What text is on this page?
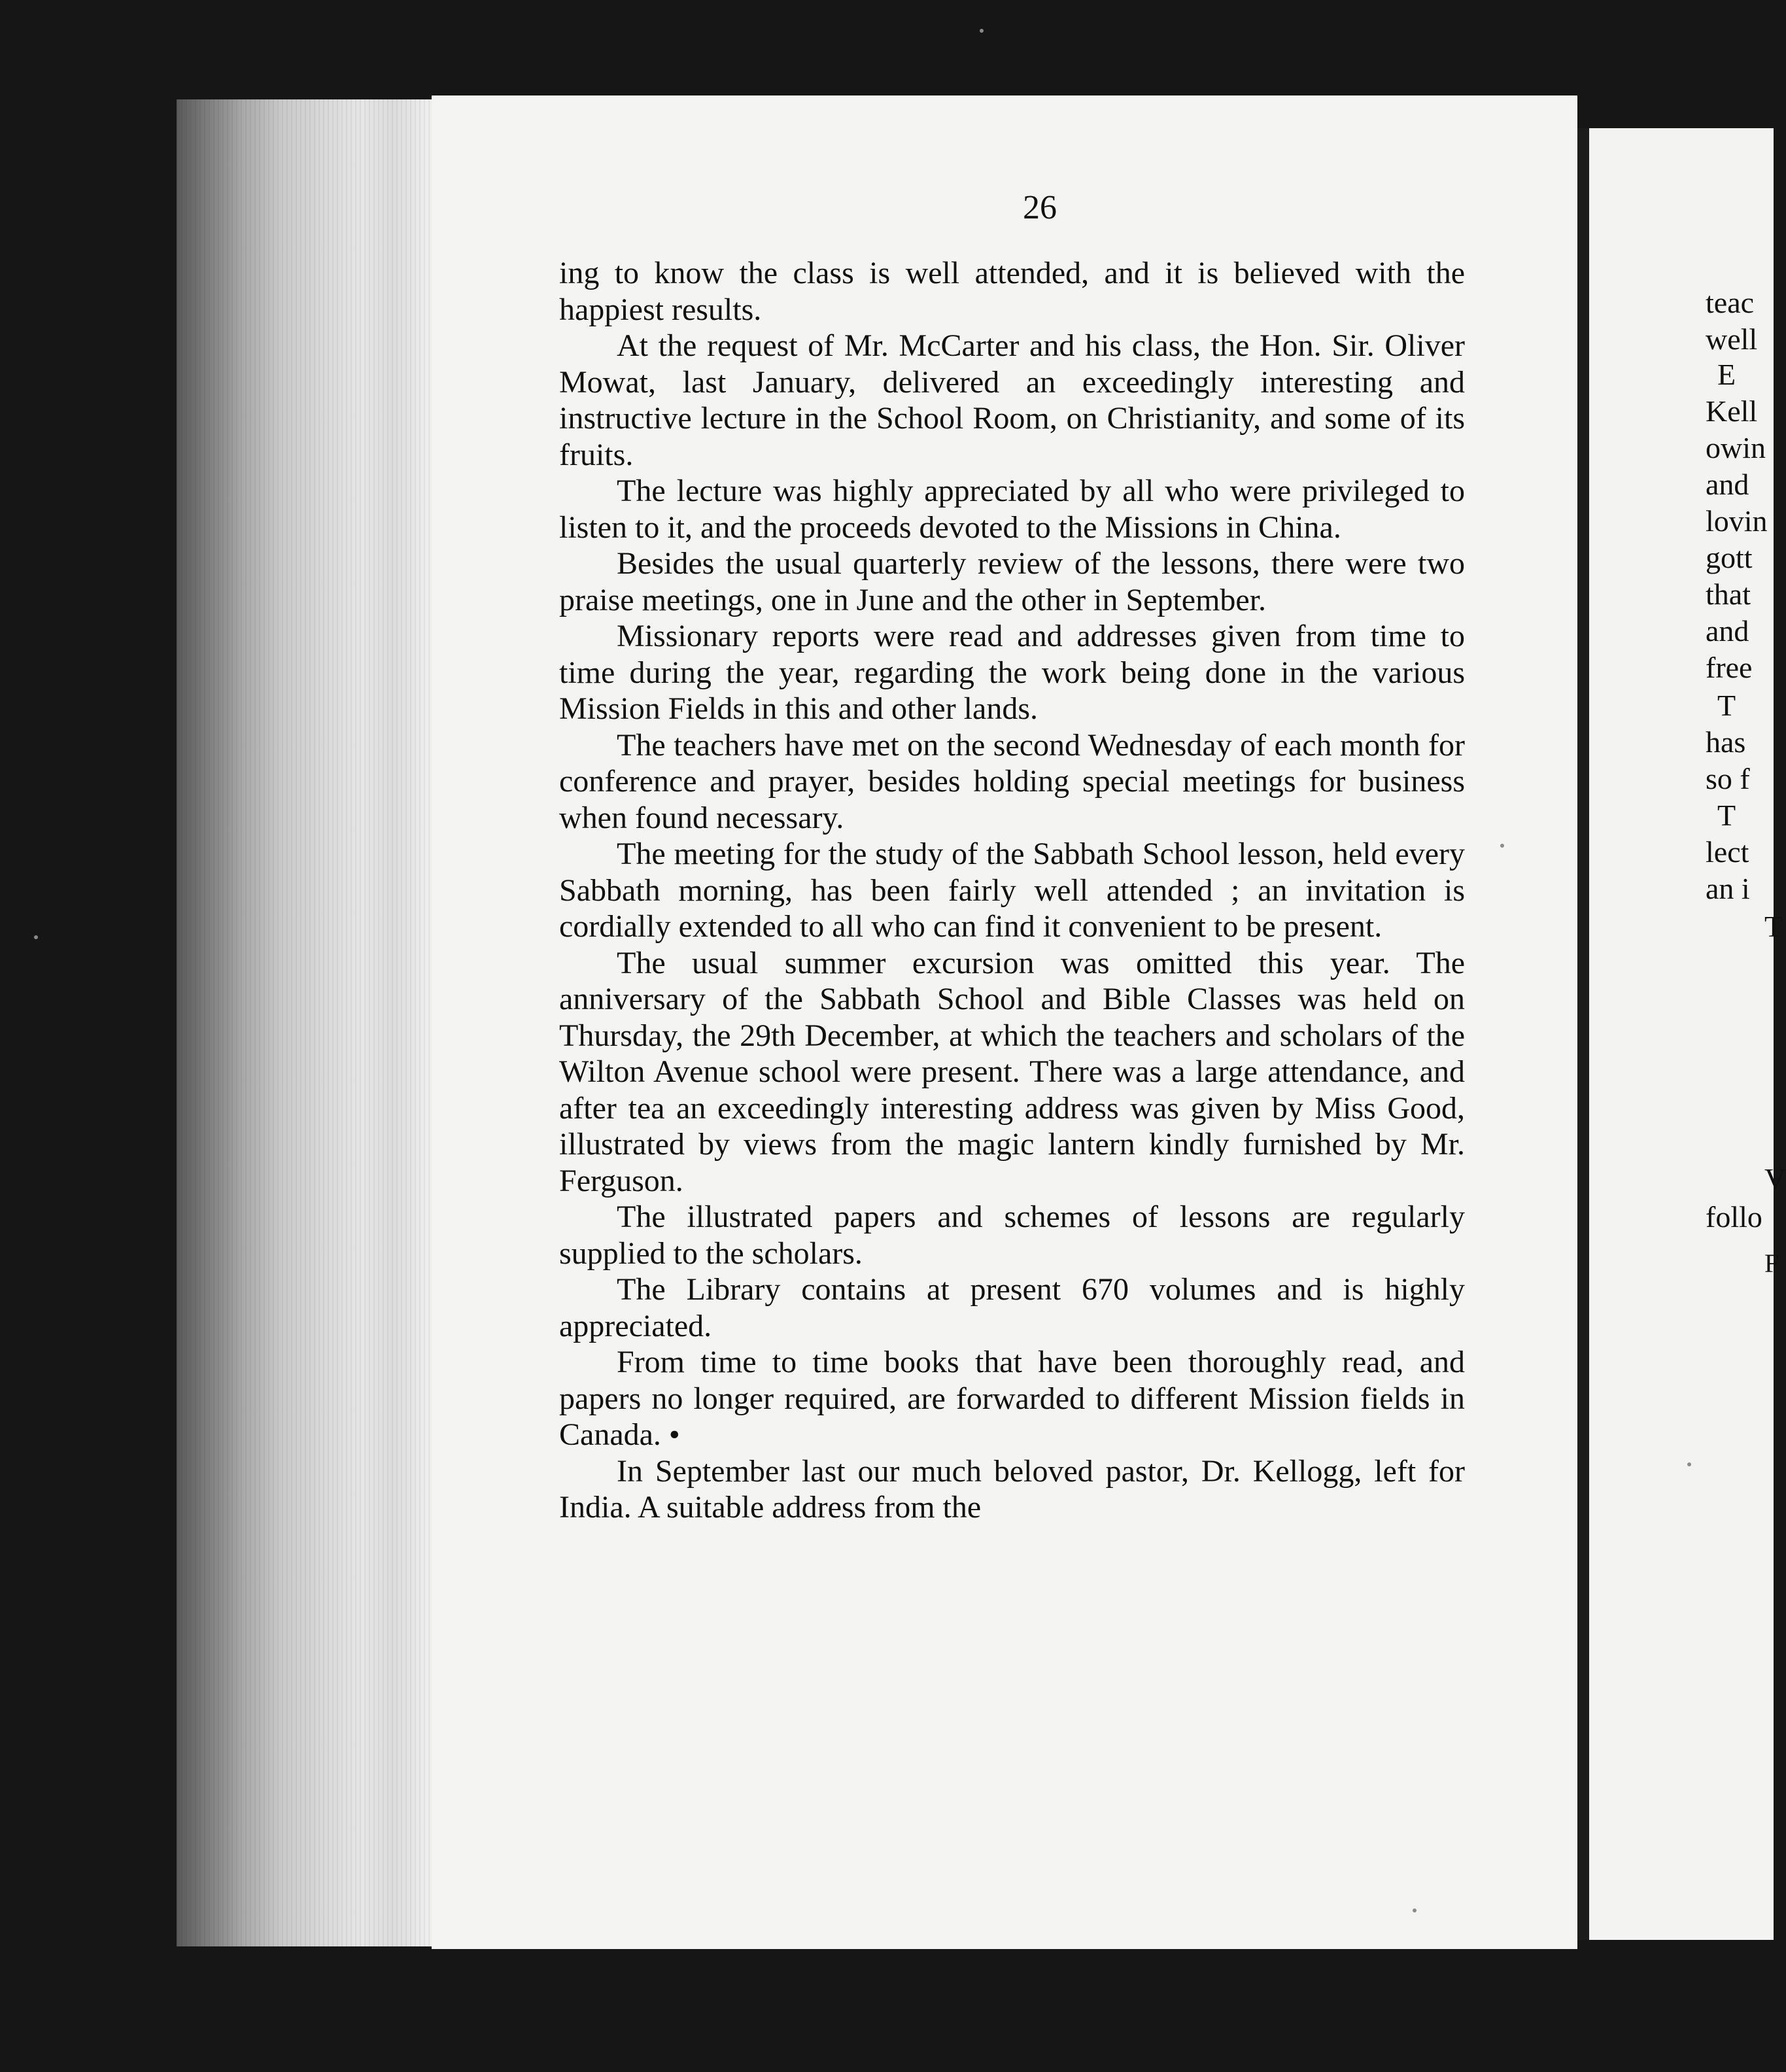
26

ing to know the class is well attended, and it is believed with the happiest results.

At the request of Mr. McCarter and his class, the Hon. Sir. Oliver Mowat, last January, delivered an exceedingly interesting and instructive lecture in the School Room, on Christianity, and some of its fruits.

The lecture was highly appreciated by all who were privileged to listen to it, and the proceeds devoted to the Missions in China.

Besides the usual quarterly review of the lessons, there were two praise meetings, one in June and the other in September.

Missionary reports were read and addresses given from time to time during the year, regarding the work being done in the various Mission Fields in this and other lands.

The teachers have met on the second Wednesday of each month for conference and prayer, besides holding special meetings for business when found necessary.

The meeting for the study of the Sabbath School lesson, held every Sabbath morning, has been fairly well attended ; an invitation is cordially extended to all who can find it convenient to be present.

The usual summer excursion was omitted this year. The anniversary of the Sabbath School and Bible Classes was held on Thursday, the 29th December, at which the teachers and scholars of the Wilton Avenue school were present. There was a large attendance, and after tea an exceedingly interesting address was given by Miss Good, illustrated by views from the magic lantern kindly furnished by Mr. Ferguson.

The illustrated papers and schemes of lessons are regularly supplied to the scholars.

The Library contains at present 670 volumes and is highly appreciated.

From time to time books that have been thoroughly read, and papers no longer required, are forwarded to different Mission fields in Canada. •

In September last our much beloved pastor, Dr. Kellogg, left for India. A suitable address from the

teac
well
E
Kell
owin
and
lovin
gott
that
and
free
T
has
so f
T
lect
an i
T
V
follo
F
